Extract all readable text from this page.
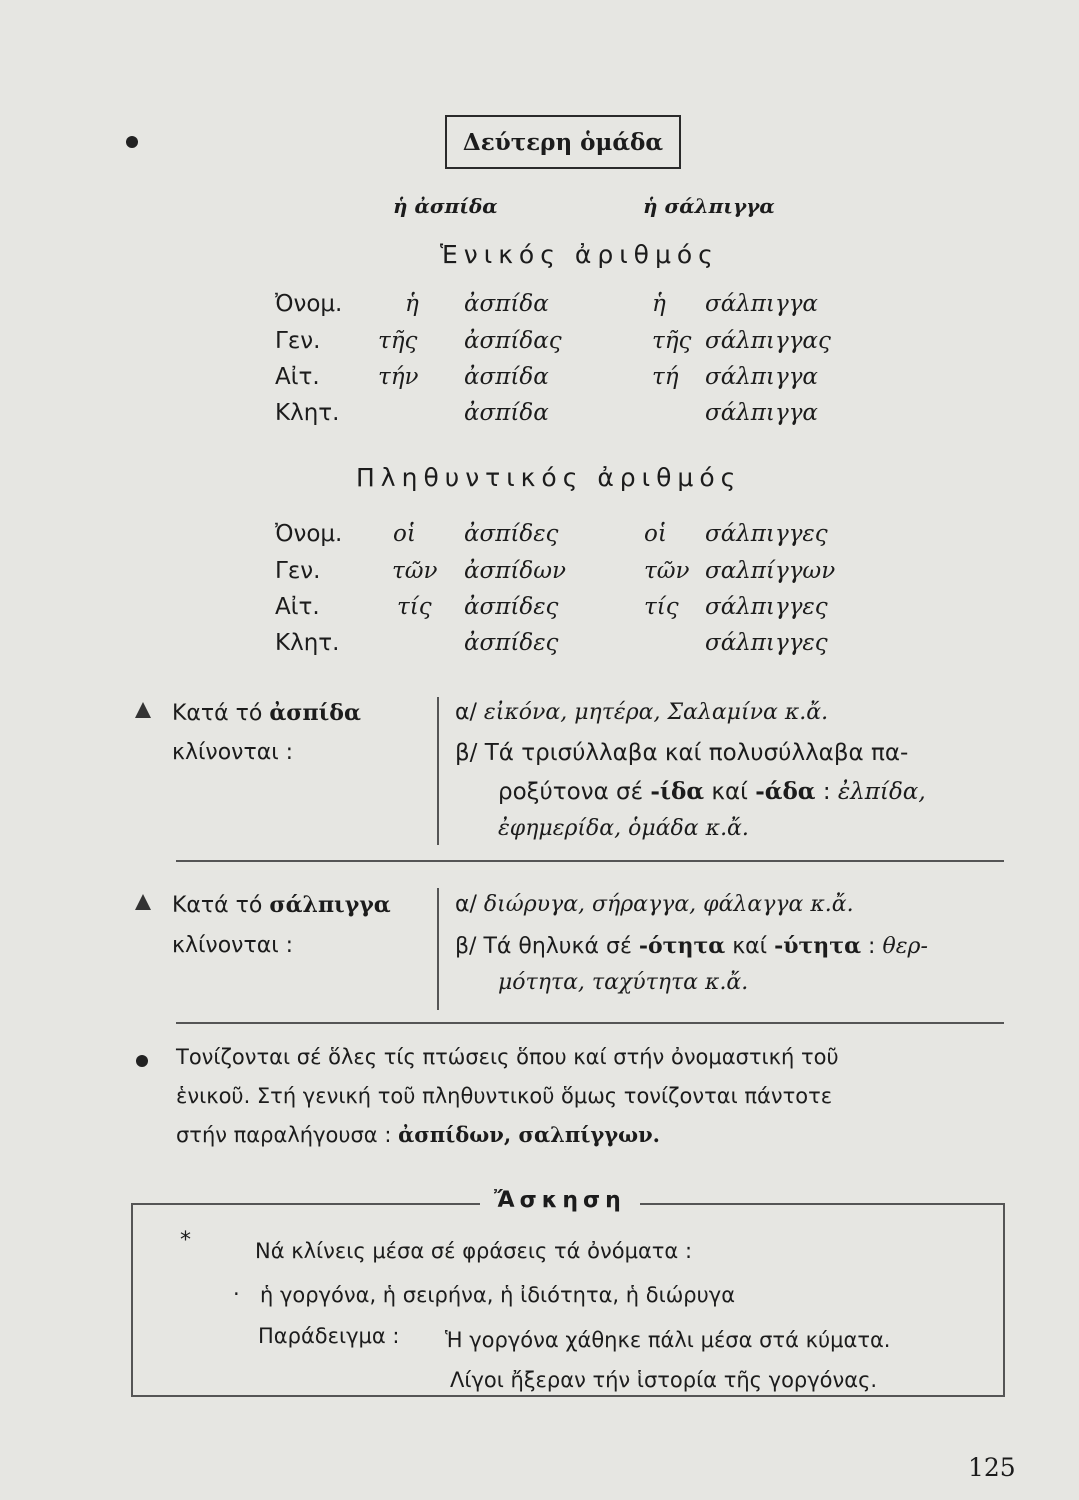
Δεύτερη ὁμάδα
ἡ ἀσπίδα	ἡ σάλπιγγα
Ἑνικός ἀριθμός
Ὀνομ.	ἡ ἀσπίδα	ἡ σάλπιγγα
Γεν.	τῆς ἀσπίδας	τῆς σάλπιγγας
Αἰτ.	τήν ἀσπίδα	τή σάλπιγγα
Κλητ.	ἀσπίδα	σάλπιγγα
Πληθυντικός ἀριθμός
Ὀνομ. οἱ ἀσπίδες	οἱ σάλπιγγες
Γεν.	τῶν ἀσπίδων	τῶν σαλπίγγων
Αἰτ.	τίς ἀσπίδες	τίς σάλπιγγες
Κλητ.	ἀσπίδες	σάλπιγγες
Κατά τό ἀσπίδα
κλίνονται :
α/ εἰκόνα, μητέρα, Σαλαμίνα κ.ἄ.
β/ Τά τρισύλλαβα καί πολυσύλλαβα πα-
ροξύτονα σέ -ίδα καί -άδα : ἐλπίδα,
ἐφημερίδα, ὁμάδα κ.ἄ.
Κατά τό σάλπιγγα
κλίνονται :
α/ διώρυγα, σήραγγα, φάλαγγα κ.ἄ.
β/ Τά θηλυκά σέ -ότητα καί -ύτητα : θερ-
μότητα, ταχύτητα κ.ἄ.
Τονίζονται σέ ὅλες τίς πτώσεις ὅπου καί στήν ὀνομαστική τοῦ
ἑνικοῦ. Στή γενική τοῦ πληθυντικοῦ ὅμως τονίζονται πάντοτε
στήν παραλήγουσα : ἀσπίδων, σαλπίγγων.
Ἄσκηση
*	Νά κλίνεις μέσα σέ φράσεις τά ὀνόματα :
· ἡ γοργόνα, ἡ σειρήνα, ἡ ἰδιότητα, ἡ διώρυγα
Παράδειγμα : Ἡ γοργόνα χάθηκε πάλι μέσα στά κύματα.
Λίγοι ἤξεραν τήν ἱστορία τῆς γοργόνας.
125
